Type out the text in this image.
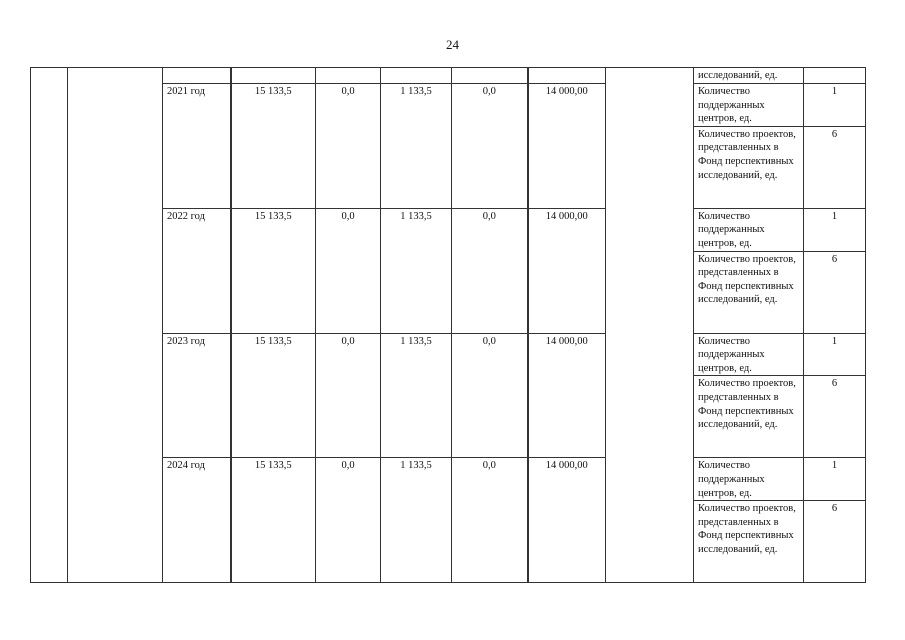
24
									исследований, ед.	
		2021 год	15 133,5	0,0	1 133,5	0,0	14 000,00		Количество поддержанных центров, ед.	1
									Количество проектов, представленных в Фонд перспективных исследований, ед.	6
		2022 год	15 133,5	0,0	1 133,5	0,0	14 000,00		Количество поддержанных центров, ед.	1
									Количество проектов, представленных в Фонд перспективных исследований, ед.	6
		2023 год	15 133,5	0,0	1 133,5	0,0	14 000,00		Количество поддержанных центров, ед.	1
									Количество проектов, представленных в Фонд перспективных исследований, ед.	6
		2024 год	15 133,5	0,0	1 133,5	0,0	14 000,00		Количество поддержанных центров, ед.	1
									Количество проектов, представленных в Фонд перспективных исследований, ед.	6
